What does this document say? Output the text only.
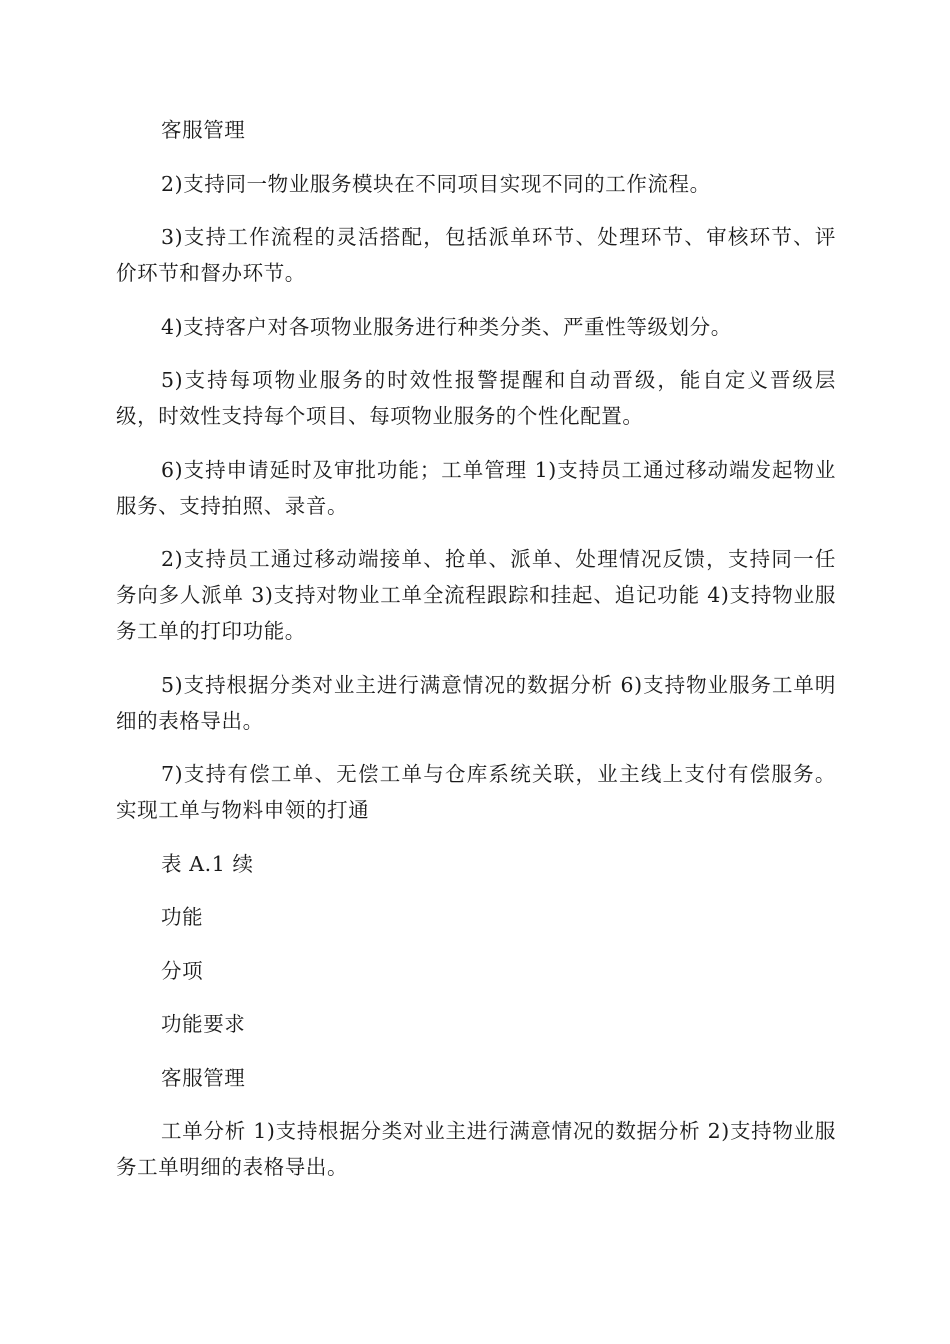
客服管理

2)支持同一物业服务模块在不同项目实现不同的工作流程。

3)支持工作流程的灵活搭配，包括派单环节、处理环节、审核环节、评价环节和督办环节。

4)支持客户对各项物业服务进行种类分类、严重性等级划分。

5)支持每项物业服务的时效性报警提醒和自动晋级，能自定义晋级层级，时效性支持每个项目、每项物业服务的个性化配置。

6)支持申请延时及审批功能；工单管理 1)支持员工通过移动端发起物业服务、支持拍照、录音。

2)支持员工通过移动端接单、抢单、派单、处理情况反馈，支持同一任务向多人派单 3)支持对物业工单全流程跟踪和挂起、追记功能 4)支持物业服务工单的打印功能。

5)支持根据分类对业主进行满意情况的数据分析 6)支持物业服务工单明细的表格导出。

7)支持有偿工单、无偿工单与仓库系统关联，业主线上支付有偿服务。实现工单与物料申领的打通

表 A.1 续

功能

分项

功能要求

客服管理

工单分析 1)支持根据分类对业主进行满意情况的数据分析 2)支持物业服务工单明细的表格导出。
